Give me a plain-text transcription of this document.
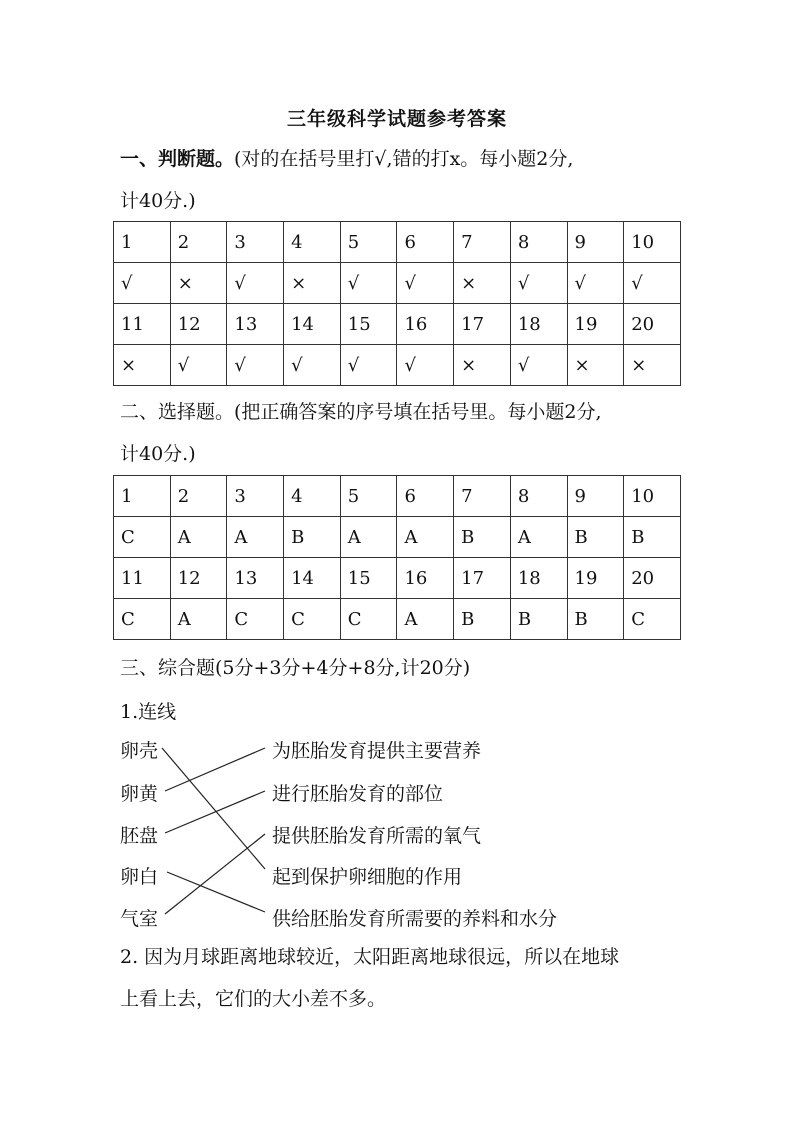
三年级科学试题参考答案
一、判断题。(对的在括号里打√,错的打x。每小题2分,
计40分.)
1	2	3	4	5	6	7	8	9	10
√	×	√	×	√	√	×	√	√	√
11	12	13	14	15	16	17	18	19	20
×	√	√	√	√	√	×	√	×	×
二、选择题。(把正确答案的序号填在括号里。每小题2分,
计40分.)
1	2	3	4	5	6	7	8	9	10
C	A	A	B	A	A	B	A	B	B
11	12	13	14	15	16	17	18	19	20
C	A	C	C	C	A	B	B	B	C
三、综合题(5分+3分+4分+8分,计20分)
1.连线
卵壳
卵黄
胚盘
卵白
气室
为胚胎发育提供主要营养
进行胚胎发育的部位
提供胚胎发育所需的氧气
起到保护卵细胞的作用
供给胚胎发育所需要的养料和水分
2. 因为月球距离地球较近，太阳距离地球很远，所以在地球
上看上去，它们的大小差不多。
